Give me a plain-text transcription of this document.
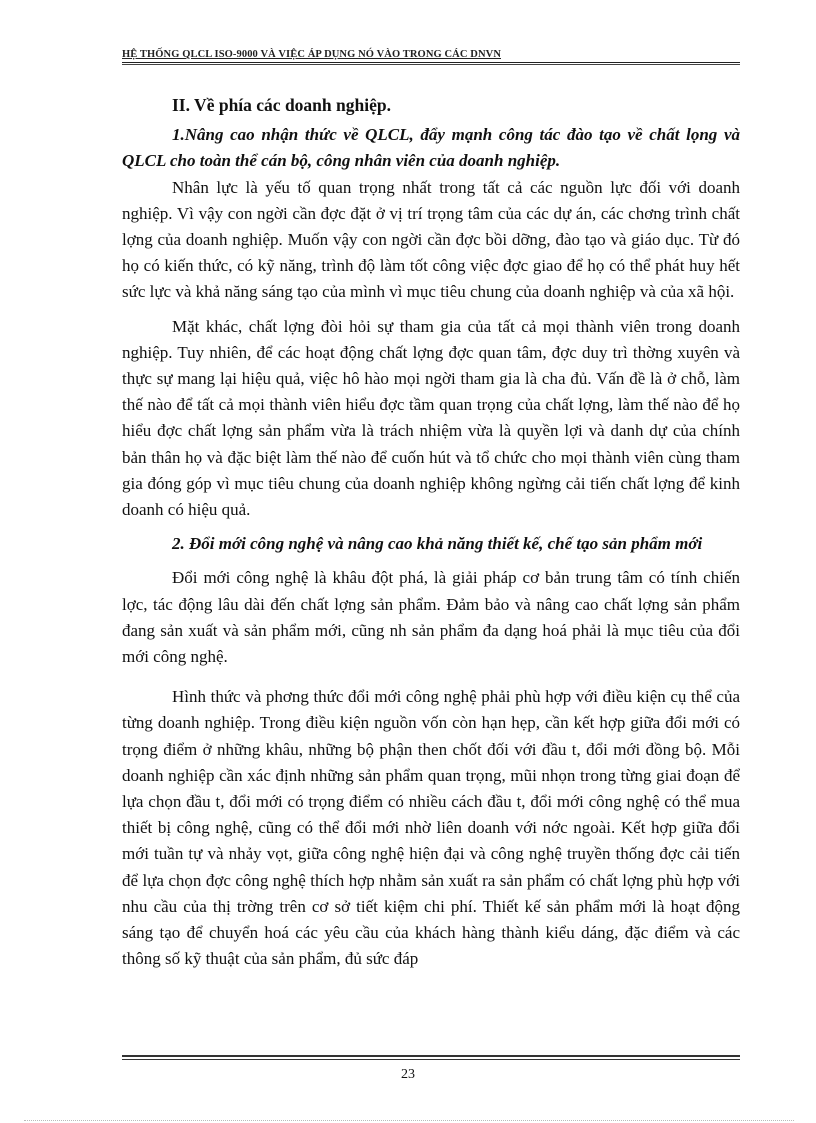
HỆ THỐNG QLCL ISO-9000 VÀ VIỆC ÁP DỤNG NÓ VÀO TRONG CÁC DNVN

II. Về phía các doanh nghiệp.

1.Nâng cao nhận thức về QLCL, đẩy mạnh công tác đào tạo về chất lọng và QLCL cho toàn thể cán bộ, công nhân viên của doanh nghiệp.

Nhân lực là yếu tố quan trọng nhất trong tất cả các nguồn lực đối với doanh nghiệp. Vì vậy con ngời cần đợc đặt ở vị trí trọng tâm của các dự án, các chơng trình chất lợng của doanh nghiệp. Muốn vậy con ngời cần đợc bồi dỡng, đào tạo và giáo dục. Từ đó họ có kiến thức, có kỹ năng, trình độ làm tốt công việc đợc giao để họ có thể phát huy hết sức lực và khả năng sáng tạo của mình vì mục tiêu chung của doanh nghiệp và của xã hội.

Mặt khác, chất lợng đòi hỏi sự tham gia của tất cả mọi thành viên trong doanh nghiệp. Tuy nhiên, để các hoạt động chất lợng đợc quan tâm, đợc duy trì thờng xuyên và thực sự mang lại hiệu quả, việc hô hào mọi ngời tham gia là cha đủ. Vấn đề là ở chỗ, làm thế nào để tất cả mọi thành viên hiểu đợc tầm quan trọng của chất lợng, làm thế nào để họ hiểu đợc chất lợng sản phẩm vừa là trách nhiệm vừa là quyền lợi và danh dự của chính bản thân họ và đặc biệt làm thế nào để cuốn hút và tổ chức cho mọi thành viên cùng tham gia đóng góp vì mục tiêu chung của doanh nghiệp không ngừng cải tiến chất lợng để kinh doanh có hiệu quả.

2. Đổi mới công nghệ và nâng cao khả năng thiết kế, chế tạo sản phẩm mới

Đổi mới công nghệ là khâu đột phá, là giải pháp cơ bản trung tâm có tính chiến lợc, tác động lâu dài đến chất lợng sản phẩm. Đảm bảo và nâng cao chất lợng sản phẩm đang sản xuất và sản phẩm mới, cũng nh sản phẩm đa dạng hoá phải là mục tiêu của đổi mới công nghệ.

Hình thức và phơng thức đổi mới công nghệ phải phù hợp với điều kiện cụ thể của từng doanh nghiệp. Trong điều kiện nguồn vốn còn hạn hẹp, cần kết hợp giữa đổi mới có trọng điểm ở những khâu, những bộ phận then chốt đối với đầu t, đổi mới đồng bộ. Mỗi doanh nghiệp cần xác định những sản phẩm quan trọng, mũi nhọn trong từng giai đoạn để lựa chọn đầu t, đổi mới có trọng điểm có nhiều cách đầu t, đổi mới công nghệ có thể mua thiết bị công nghệ, cũng có thể đổi mới nhờ liên doanh với nớc ngoài. Kết hợp giữa đổi mới tuần tự và nhảy vọt, giữa công nghệ hiện đại và công nghệ truyền thống đợc cải tiến để lựa chọn đợc công nghệ thích hợp nhằm sản xuất ra sản phẩm có chất lợng phù hợp với nhu cầu của thị trờng trên cơ sở tiết kiệm chi phí. Thiết kế sản phẩm mới là hoạt động sáng tạo để chuyển hoá các yêu cầu của khách hàng thành kiểu dáng, đặc điểm và các thông số kỹ thuật của sản phẩm, đủ sức đáp

23
